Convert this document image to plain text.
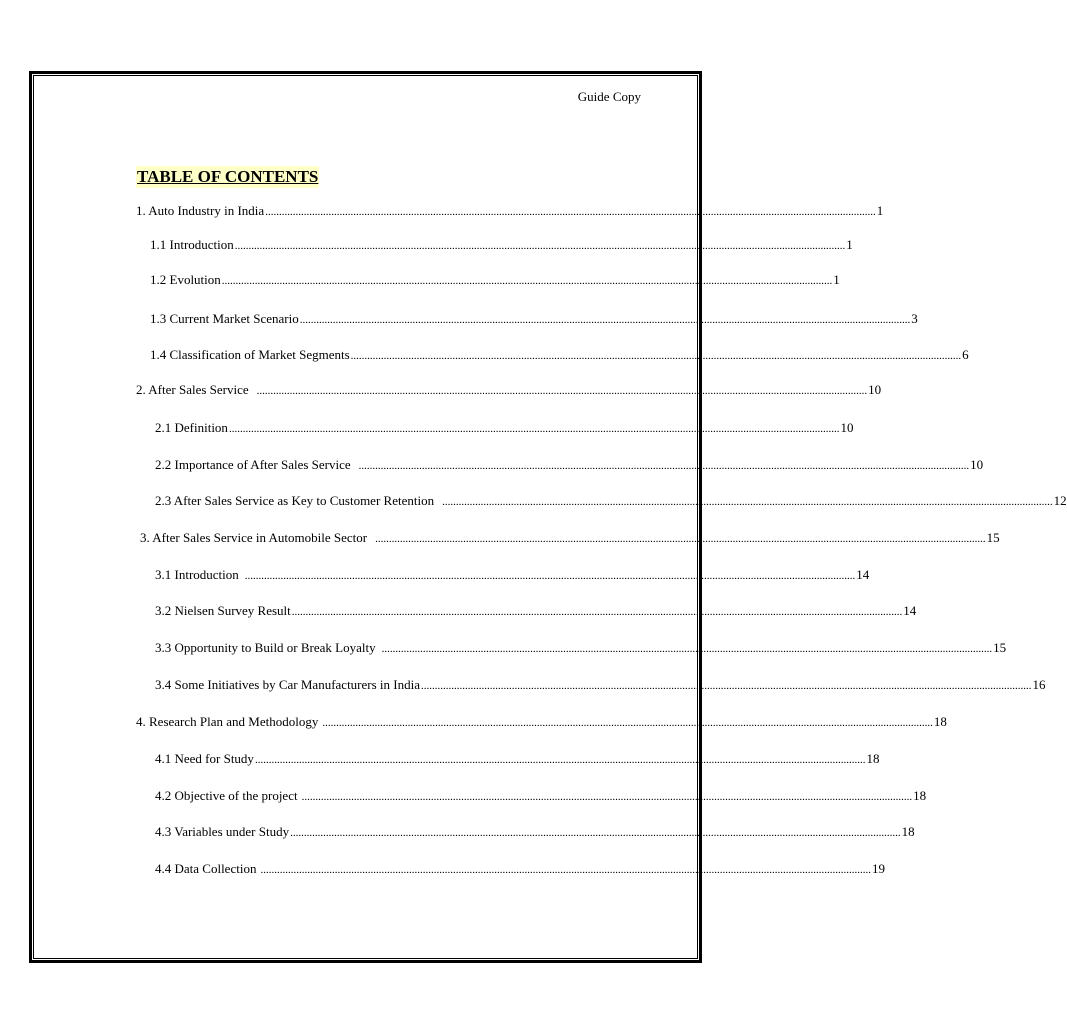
Guide Copy
TABLE OF CONTENTS
1. Auto Industry in India .............................................................................................................................................................................................................................. 1
1.1 Introduction .............................................................................................................................................................................................................................. 1
1.2 Evolution .............................................................................................................................................................................................................................. 1
1.3 Current Market Scenario .............................................................................................................................................................................................................................. 3
1.4 Classification of Market Segments .............................................................................................................................................................................................................................. 6
2. After Sales Service .............................................................................................................................................................................................................................. 10
2.1 Definition .............................................................................................................................................................................................................................. 10
2.2 Importance of After Sales Service .............................................................................................................................................................................................................................. 10
2.3 After Sales Service as Key to Customer Retention .............................................................................................................................................................................................................................. 12
3. After Sales Service in Automobile Sector .............................................................................................................................................................................................................................. 15
3.1 Introduction .............................................................................................................................................................................................................................. 14
3.2 Nielsen Survey Result .............................................................................................................................................................................................................................. 14
3.3 Opportunity to Build or Break Loyalty .............................................................................................................................................................................................................................. 15
3.4 Some Initiatives by Car Manufacturers in India .............................................................................................................................................................................................................................. 16
4. Research Plan and Methodology .............................................................................................................................................................................................................................. 18
4.1 Need for Study .............................................................................................................................................................................................................................. 18
4.2 Objective of the project .............................................................................................................................................................................................................................. 18
4.3 Variables under Study .............................................................................................................................................................................................................................. 18
4.4 Data Collection .............................................................................................................................................................................................................................. 19
